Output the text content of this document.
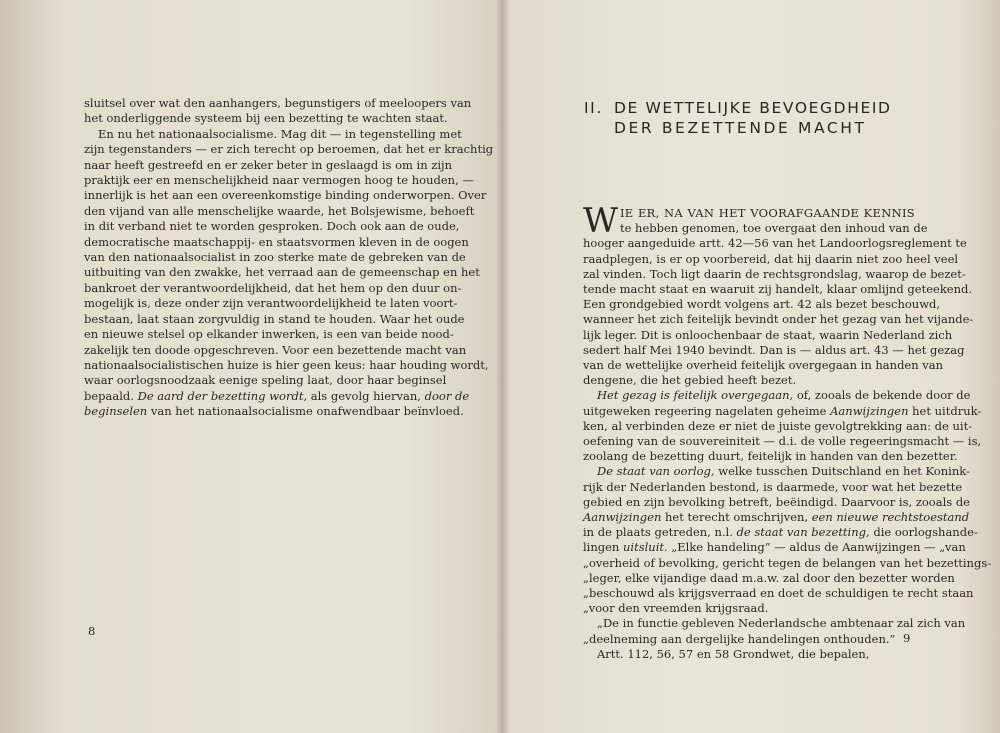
sluitsel over wat den aanhangers, begunstigers of meeloopers van
het onderliggende systeem bij een bezetting te wachten staat.

En nu het nationaalsocialisme. Mag dit — in tegenstelling met
zijn tegenstanders — er zich terecht op beroemen, dat het er krachtig
naar heeft gestreefd en er zeker beter in geslaagd is om in zijn
praktijk eer en menschelijkheid naar vermogen hoog te houden, —
innerlijk is het aan een overeenkomstige binding onderworpen. Over
den vijand van alle menschelijke waarde, het Bolsjewisme, behoeft
in dit verband niet te worden gesproken. Doch ook aan de oude,
democratische maatschappij- en staatsvormen kleven in de oogen
van den nationaalsocialist in zoo sterke mate de gebreken van de
uitbuiting van den zwakke, het verraad aan de gemeenschap en het
bankroet der verantwoordelijkheid, dat het hem op den duur on-
mogelijk is, deze onder zijn verantwoordelijkheid te laten voort-
bestaan, laat staan zorgvuldig in stand te houden. Waar het oude
en nieuwe stelsel op elkander inwerken, is een van beide nood-
zakelijk ten doode opgeschreven. Voor een bezettende macht van
nationaalsocialistischen huize is hier geen keus: haar houding wordt,
waar oorlogsnoodzaak eenige speling laat, door haar beginsel
bepaald. De aard der bezetting wordt, als gevolg hiervan, door de
beginselen van het nationaalsocialisme onafwendbaar beïnvloed.

8
II. DE WETTELIJKE BEVOEGDHEID
DER BEZETTENDE MACHT
W IE ER, NA VAN HET VOORAFGAANDE KENNIS

te hebben genomen, toe overgaat den inhoud van de
hooger aangeduide artt. 42—56 van het Landoorlogsreglement te
raadplegen, is er op voorbereid, dat hij daarin niet zoo heel veel
zal vinden. Toch ligt daarin de rechtsgrondslag, waarop de bezet-
tende macht staat en waaruit zij handelt, klaar omlijnd geteekend.
Een grondgebied wordt volgens art. 42 als bezet beschouwd,
wanneer het zich feitelijk bevindt onder het gezag van het vijande-
lijk leger. Dit is onloochenbaar de staat, waarin Nederland zich
sedert half Mei 1940 bevindt. Dan is — aldus art. 43 — het gezag
van de wettelijke overheid feitelijk overgegaan in handen van
dengene, die het gebied heeft bezet.

Het gezag is feitelijk overgegaan, of, zooals de bekende door de
uitgeweken regeering nagelaten geheime Aanwijzingen het uitdruk-
ken, al verbinden deze er niet de juiste gevolgtrekking aan: de uit-
oefening van de souvereiniteit — d.i. de volle regeeringsmacht — is,
zoolang de bezetting duurt, feitelijk in handen van den bezetter.

De staat van oorlog, welke tusschen Duitschland en het Konink-
rijk der Nederlanden bestond, is daarmede, voor wat het bezette
gebied en zijn bevolking betreft, beëindigd. Daarvoor is, zooals de
Aanwijzingen het terecht omschrijven, een nieuwe rechtstoestand
in de plaats getreden, n.l. de staat van bezetting, die oorlogshande-
lingen uitsluit. „Elke handeling” — aldus de Aanwijzingen — „van
„overheid of bevolking, gericht tegen de belangen van het bezettings-
„leger, elke vijandige daad m.a.w. zal door den bezetter worden
„beschouwd als krijgsverraad en doet de schuldigen te recht staan
„voor den vreemden krijgsraad.

„De in functie gebleven Nederlandsche ambtenaar zal zich van
„deelneming aan dergelijke handelingen onthouden.”

Artt. 112, 56, 57 en 58 Grondwet, die bepalen,

9
